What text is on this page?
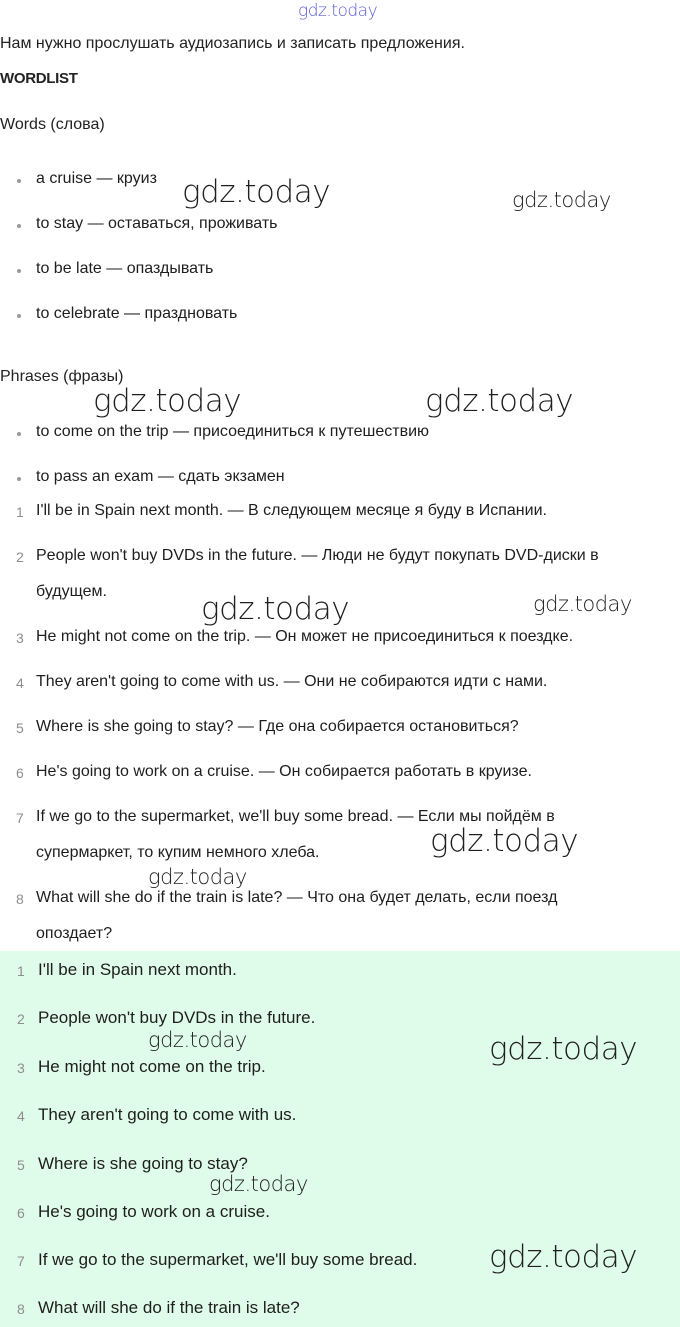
gdz.today
Нам нужно прослушать аудиозапись и записать предложения.
WORDLIST
Words (слова)
a cruise — круиз
to stay — оставаться, проживать
to be late — опаздывать
to celebrate — праздновать
Phrases (фразы)
to come on the trip — присоединиться к путешествию
to pass an exam — сдать экзамен
1 I'll be in Spain next month. — В следующем месяце я буду в Испании.
2 People won't buy DVDs in the future. — Люди не будут покупать DVD-диски в
будущем.
3 He might not come on the trip. — Он может не присоединиться к поездке.
4 They aren't going to come with us. — Они не собираются идти с нами.
5 Where is she going to stay? — Где она собирается остановиться?
6 He's going to work on a cruise. — Он собирается работать в круизе.
7 If we go to the supermarket, we'll buy some bread. — Если мы пойдём в
супермаркет, то купим немного хлеба.
8 What will she do if the train is late? — Что она будет делать, если поезд
опоздает?
1 I'll be in Spain next month.
2 People won't buy DVDs in the future.
3 He might not come on the trip.
4 They aren't going to come with us.
5 Where is she going to stay?
6 He's going to work on a cruise.
7 If we go to the supermarket, we'll buy some bread.
8 What will she do if the train is late?
gdz.today	gdz.today
gdz.today	gdz.today
gdz.today	gdz.today
gdz.today
gdz.today
gdz.today	gdz.today
gdz.today
gdz.today
